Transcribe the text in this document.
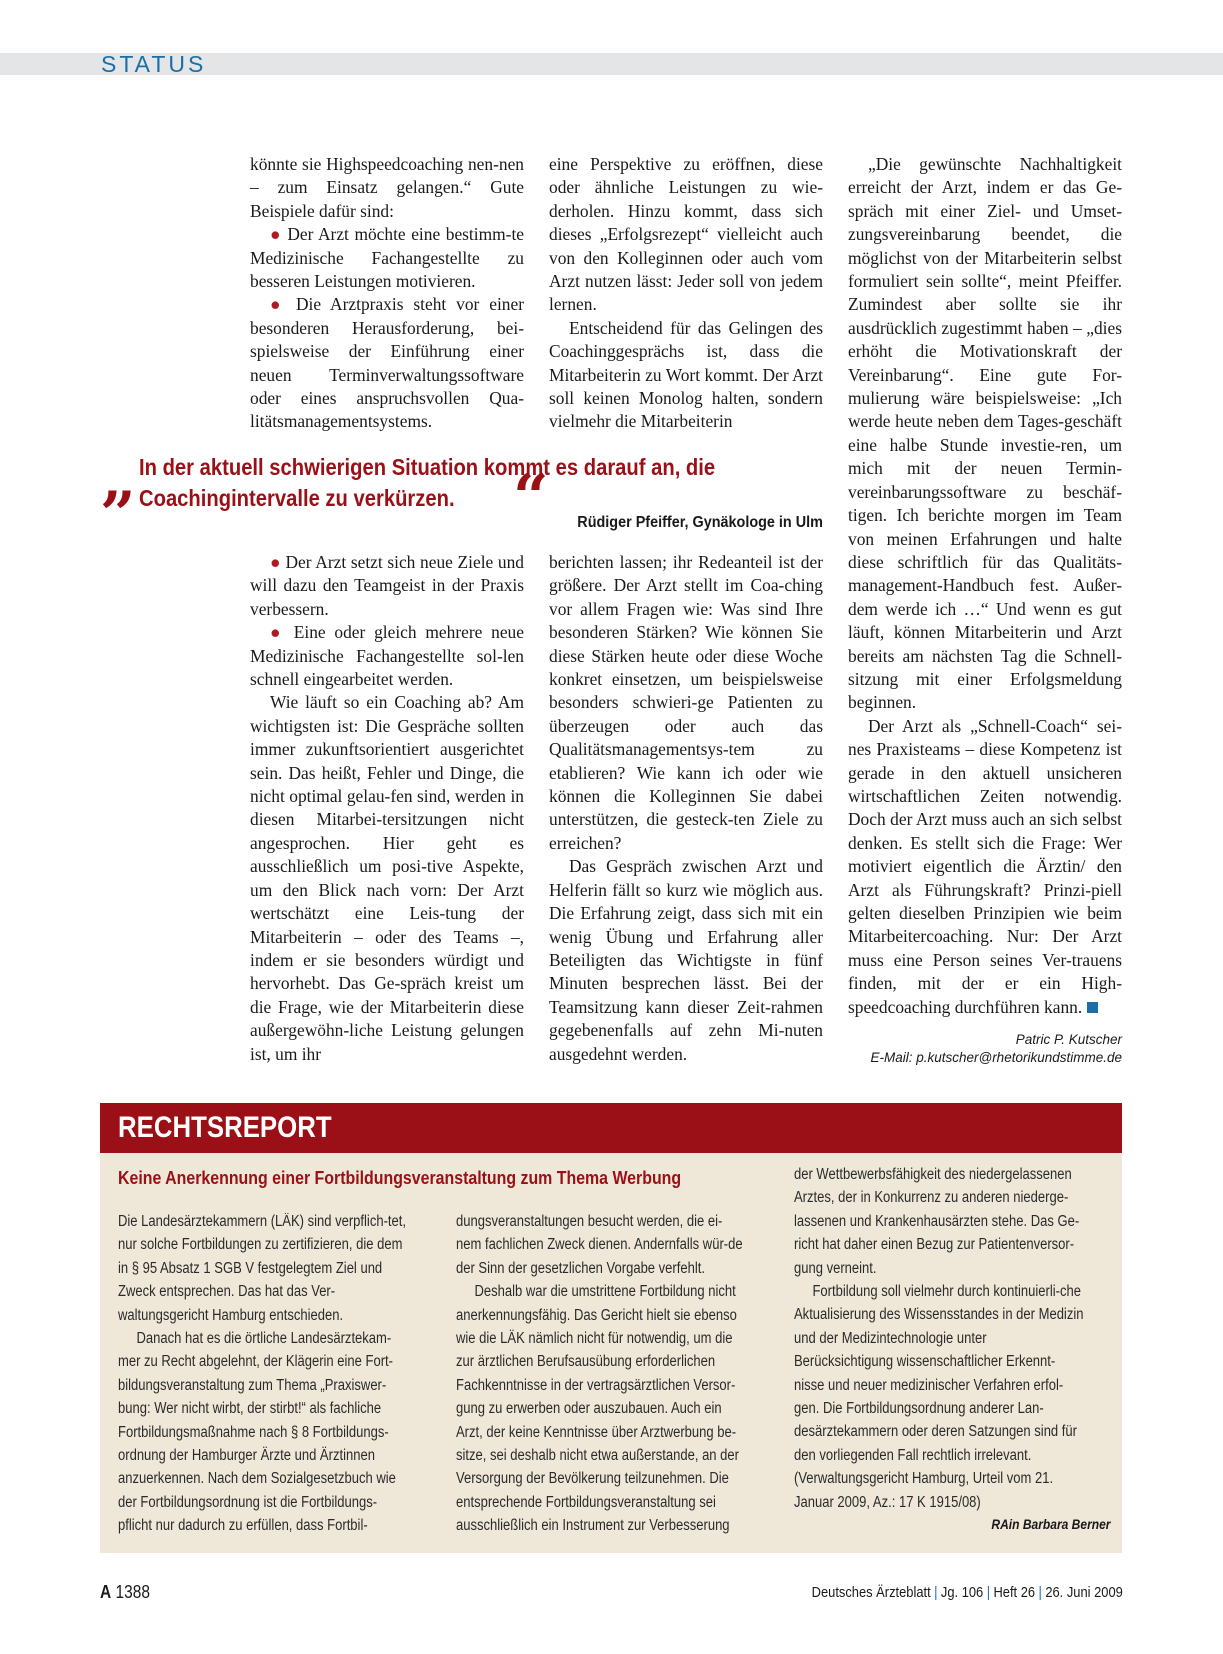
STATUS

könnte sie Highspeedcoaching nen-nen – zum Einsatz gelangen.“ Gute Beispiele dafür sind:

● Der Arzt möchte eine bestimm-te Medizinische Fachangestellte zu besseren Leistungen motivieren.

● Die Arztpraxis steht vor einer besonderen Herausforderung, bei-spielsweise der Einführung einer neuen Terminverwaltungssoftware oder eines anspruchsvollen Qua-litätsmanagementsystems.

eine Perspektive zu eröffnen, diese oder ähnliche Leistungen zu wie-derholen. Hinzu kommt, dass sich dieses „Erfolgsrezept“ vielleicht auch von den Kolleginnen oder auch vom Arzt nutzen lässt: Jeder soll von jedem lernen.

Entscheidend für das Gelingen des Coachinggesprächs ist, dass die Mitarbeiterin zu Wort kommt. Der Arzt soll keinen Monolog halten, sondern vielmehr die Mitarbeiterin

„ In der aktuell schwierigen Situation kommt es darauf an, die
Coachingintervalle zu verkürzen. “ Rüdiger Pfeiffer, Gynäkologe in Ulm

● Der Arzt setzt sich neue Ziele und will dazu den Teamgeist in der Praxis verbessern.

● Eine oder gleich mehrere neue Medizinische Fachangestellte sol-len schnell eingearbeitet werden.

Wie läuft so ein Coaching ab? Am wichtigsten ist: Die Gespräche sollten immer zukunftsorientiert ausgerichtet sein. Das heißt, Fehler und Dinge, die nicht optimal gelau-fen sind, werden in diesen Mitarbei-tersitzungen nicht angesprochen. Hier geht es ausschließlich um posi-tive Aspekte, um den Blick nach vorn: Der Arzt wertschätzt eine Leis-tung der Mitarbeiterin – oder des Teams –, indem er sie besonders würdigt und hervorhebt. Das Ge-spräch kreist um die Frage, wie der Mitarbeiterin diese außergewöhn-liche Leistung gelungen ist, um ihr

berichten lassen; ihr Redeanteil ist der größere. Der Arzt stellt im Coa-ching vor allem Fragen wie: Was sind Ihre besonderen Stärken? Wie können Sie diese Stärken heute oder diese Woche konkret einsetzen, um beispielsweise besonders schwieri-ge Patienten zu überzeugen oder auch das Qualitätsmanagementsys-tem zu etablieren? Wie kann ich oder wie können die Kolleginnen Sie dabei unterstützen, die gesteck-ten Ziele zu erreichen?

Das Gespräch zwischen Arzt und Helferin fällt so kurz wie möglich aus. Die Erfahrung zeigt, dass sich mit ein wenig Übung und Erfahrung aller Beteiligten das Wichtigste in fünf Minuten besprechen lässt. Bei der Teamsitzung kann dieser Zeit-rahmen gegebenenfalls auf zehn Mi-nuten ausgedehnt werden.

„Die gewünschte Nachhaltigkeit erreicht der Arzt, indem er das Ge-spräch mit einer Ziel- und Umset-zungsvereinbarung beendet, die möglichst von der Mitarbeiterin selbst formuliert sein sollte“, meint Pfeiffer. Zumindest aber sollte sie ihr ausdrücklich zugestimmt haben – „dies erhöht die Motivationskraft der Vereinbarung“. Eine gute For-mulierung wäre beispielsweise: „Ich werde heute neben dem Tages-geschäft eine halbe Stunde investie-ren, um mich mit der neuen Termin-vereinbarungssoftware zu beschäf-tigen. Ich berichte morgen im Team von meinen Erfahrungen und halte diese schriftlich für das Qualitäts-management-Handbuch fest. Außer-dem werde ich …“ Und wenn es gut läuft, können Mitarbeiterin und Arzt bereits am nächsten Tag die Schnell-sitzung mit einer Erfolgsmeldung beginnen.

Der Arzt als „Schnell-Coach“ sei-nes Praxisteams – diese Kompetenz ist gerade in den aktuell unsicheren wirtschaftlichen Zeiten notwendig. Doch der Arzt muss auch an sich selbst denken. Es stellt sich die Frage: Wer motiviert eigentlich die Ärztin/ den Arzt als Führungskraft? Prinzi-piell gelten dieselben Prinzipien wie beim Mitarbeitercoaching. Nur: Der Arzt muss eine Person seines Ver-trauens finden, mit der er ein High-speedcoaching durchführen kann.

Patric P. Kutscher
E-Mail: p.kutscher@rhetorikundstimme.de
RECHTSREPORT
Keine Anerkennung einer Fortbildungsveranstaltung zum Thema Werbung

Die Landesärztekammern (LÄK) sind verpflich-tet, nur solche Fortbildungen zu zertifizieren, die dem in § 95 Absatz 1 SGB V festgelegtem Ziel und Zweck entsprechen. Das hat das Ver-waltungsgericht Hamburg entschieden.

Danach hat es die örtliche Landesärztekam-mer zu Recht abgelehnt, der Klägerin eine Fort-bildungsveranstaltung zum Thema „Praxiswer-bung: Wer nicht wirbt, der stirbt!“ als fachliche Fortbildungsmaßnahme nach § 8 Fortbildungs-ordnung der Hamburger Ärzte und Ärztinnen anzuerkennen. Nach dem Sozialgesetzbuch wie der Fortbildungsordnung ist die Fortbildungs-pflicht nur dadurch zu erfüllen, dass Fortbil-

dungsveranstaltungen besucht werden, die ei-nem fachlichen Zweck dienen. Andernfalls wür-de der Sinn der gesetzlichen Vorgabe verfehlt.

Deshalb war die umstrittene Fortbildung nicht anerkennungsfähig. Das Gericht hielt sie ebenso wie die LÄK nämlich nicht für notwendig, um die zur ärztlichen Berufsausübung erforderlichen Fachkenntnisse in der vertragsärztlichen Versor-gung zu erwerben oder auszubauen. Auch ein Arzt, der keine Kenntnisse über Arztwerbung be-sitze, sei deshalb nicht etwa außerstande, an der Versorgung der Bevölkerung teilzunehmen. Die entsprechende Fortbildungsveranstaltung sei ausschließlich ein Instrument zur Verbesserung

der Wettbewerbsfähigkeit des niedergelassenen Arztes, der in Konkurrenz zu anderen niederge-lassenen und Krankenhausärzten stehe. Das Ge-richt hat daher einen Bezug zur Patientenversor-gung verneint.

Fortbildung soll vielmehr durch kontinuierli-che Aktualisierung des Wissensstandes in der Medizin und der Medizintechnologie unter Berücksichtigung wissenschaftlicher Erkennt-nisse und neuer medizinischer Verfahren erfol-gen. Die Fortbildungsordnung anderer Lan-desärztekammern oder deren Satzungen sind für den vorliegenden Fall rechtlich irrelevant. (Verwaltungsgericht Hamburg, Urteil vom 21. Januar 2009, Az.: 17 K 1915/08)

RAin Barbara Berner
A 1388	Deutsches Ärzteblatt | Jg. 106 | Heft 26 | 26. Juni 2009
